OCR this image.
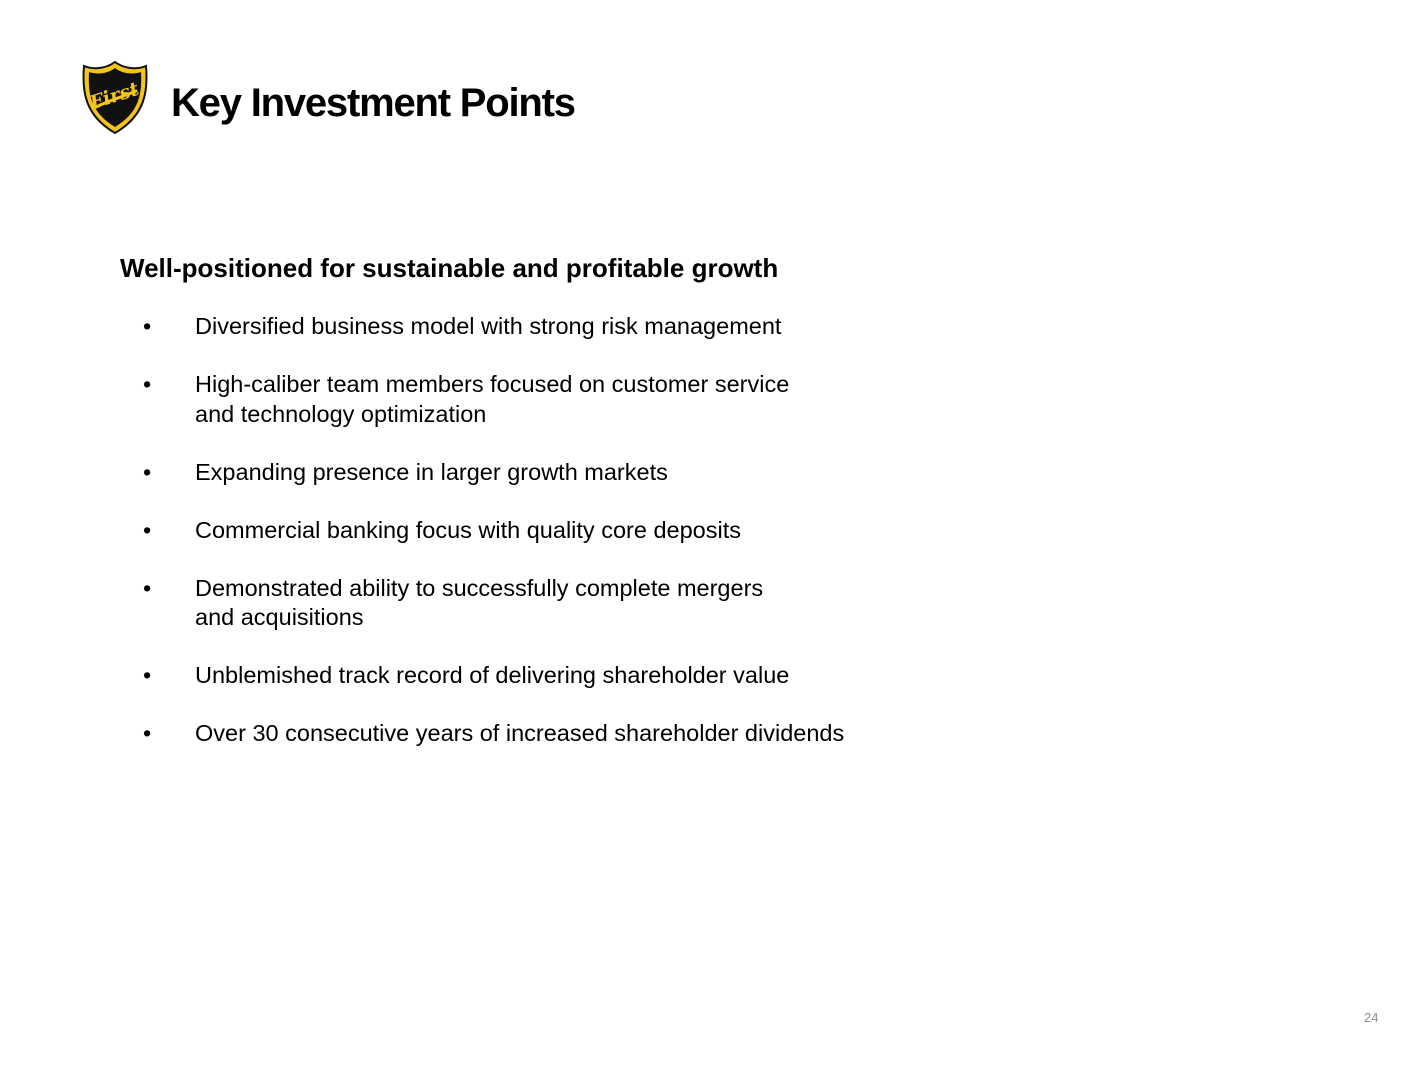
First Key Investment Points
Well-positioned for sustainable and profitable growth
• Diversified business model with strong risk management
• High-caliber team members focused on customer service
and technology optimization
• Expanding presence in larger growth markets
• Commercial banking focus with quality core deposits
• Demonstrated ability to successfully complete mergers
and acquisitions
• Unblemished track record of delivering shareholder value
• Over 30 consecutive years of increased shareholder dividends
24
